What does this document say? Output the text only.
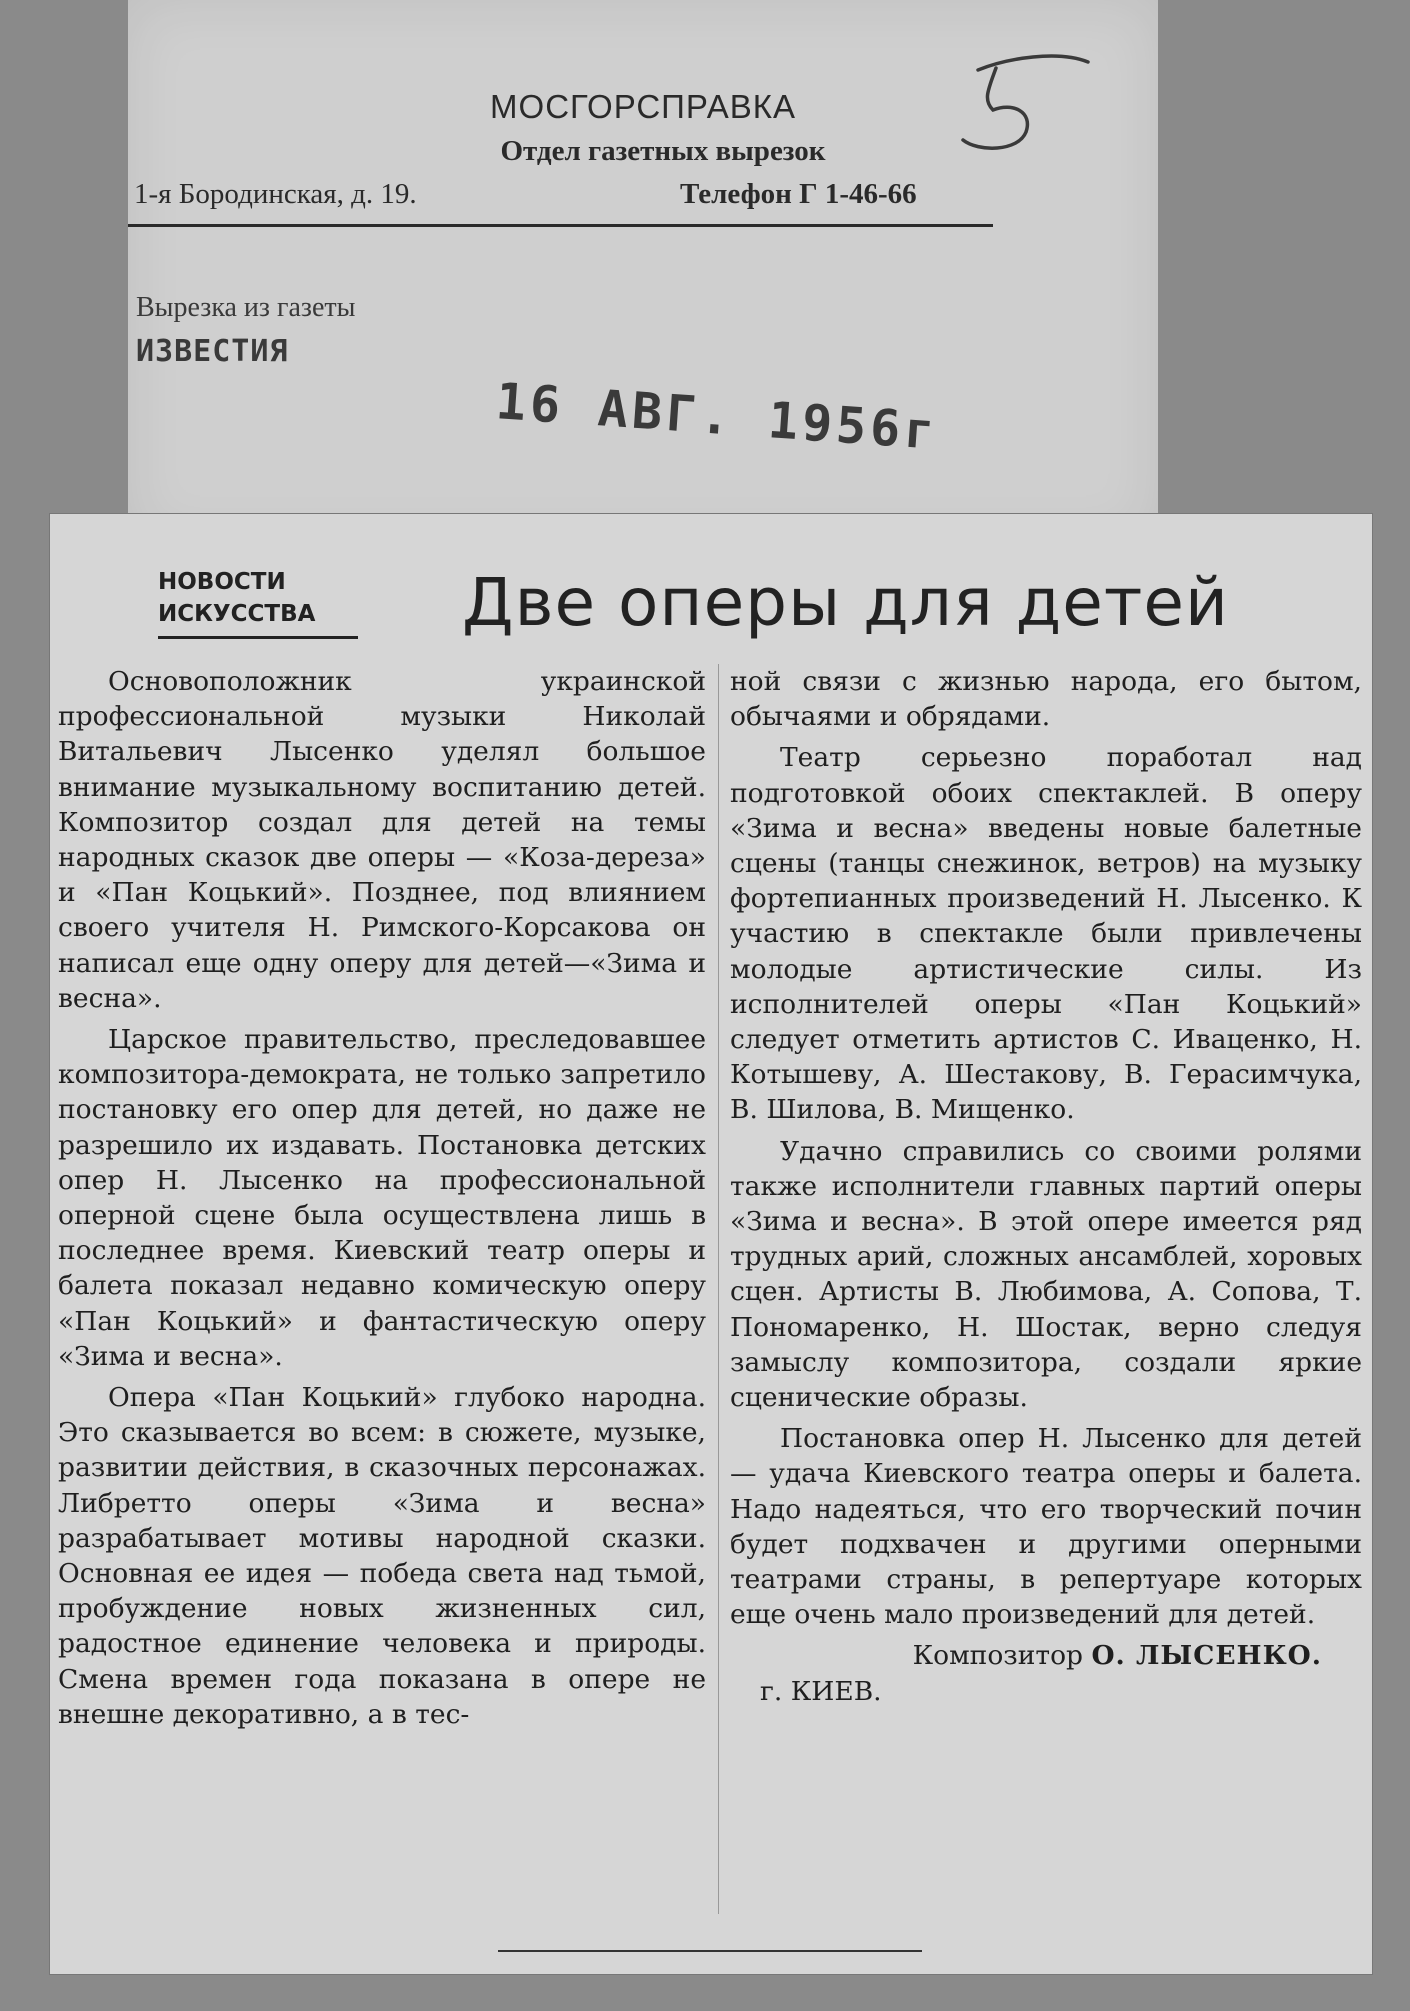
МОСГОРСПРАВКА
Отдел газетных вырезок
1-я Бородинская, д. 19.	Телефон Г 1-46-66
Вырезка из газеты
ИЗВЕСТИЯ
16 АВГ. 1956г
НОВОСТИ
ИСКУССТВА	Две оперы для детей

Основоположник украинской профессиональной музыки Николай Витальевич Лысенко уделял большое внимание музыкальному воспитанию детей. Композитор создал для детей на темы народных сказок две оперы — «Коза-дереза» и «Пан Коцький». Позднее, под влиянием своего учителя Н. Римского-Корсакова он написал еще одну оперу для детей—«Зима и весна».

Царское правительство, преследовавшее композитора-демократа, не только запретило постановку его опер для детей, но даже не разрешило их издавать. Постановка детских опер Н. Лысенко на профессиональной оперной сцене была осуществлена лишь в последнее время. Киевский театр оперы и балета показал недавно комическую оперу «Пан Коцький» и фантастическую оперу «Зима и весна».

Опера «Пан Коцький» глубоко народна. Это сказывается во всем: в сюжете, музыке, развитии действия, в сказочных персонажах. Либретто оперы «Зима и весна» разрабатывает мотивы народной сказки. Основная ее идея — победа света над тьмой, пробуждение новых жизненных сил, радостное единение человека и природы. Смена времен года показана в опере не внешне декоративно, а в тес-

ной связи с жизнью народа, его бытом, обычаями и обрядами.

Театр серьезно поработал над подготовкой обоих спектаклей. В оперу «Зима и весна» введены новые балетные сцены (танцы снежинок, ветров) на музыку фортепианных произведений Н. Лысенко. К участию в спектакле были привлечены молодые артистические силы. Из исполнителей оперы «Пан Коцький» следует отметить артистов С. Иваценко, Н. Котышеву, А. Шестакову, В. Герасимчука, В. Шилова, В. Мищенко.

Удачно справились со своими ролями также исполнители главных партий оперы «Зима и весна». В этой опере имеется ряд трудных арий, сложных ансамблей, хоровых сцен. Артисты В. Любимова, А. Сопова, Т. Пономаренко, Н. Шостак, верно следуя замыслу композитора, создали яркие сценические образы.

Постановка опер Н. Лысенко для детей — удача Киевского театра оперы и балета. Надо надеяться, что его творческий почин будет подхвачен и другими оперными театрами страны, в репертуаре которых еще очень мало произведений для детей.

Композитор О. ЛЫСЕНКО.

г. КИЕВ.
